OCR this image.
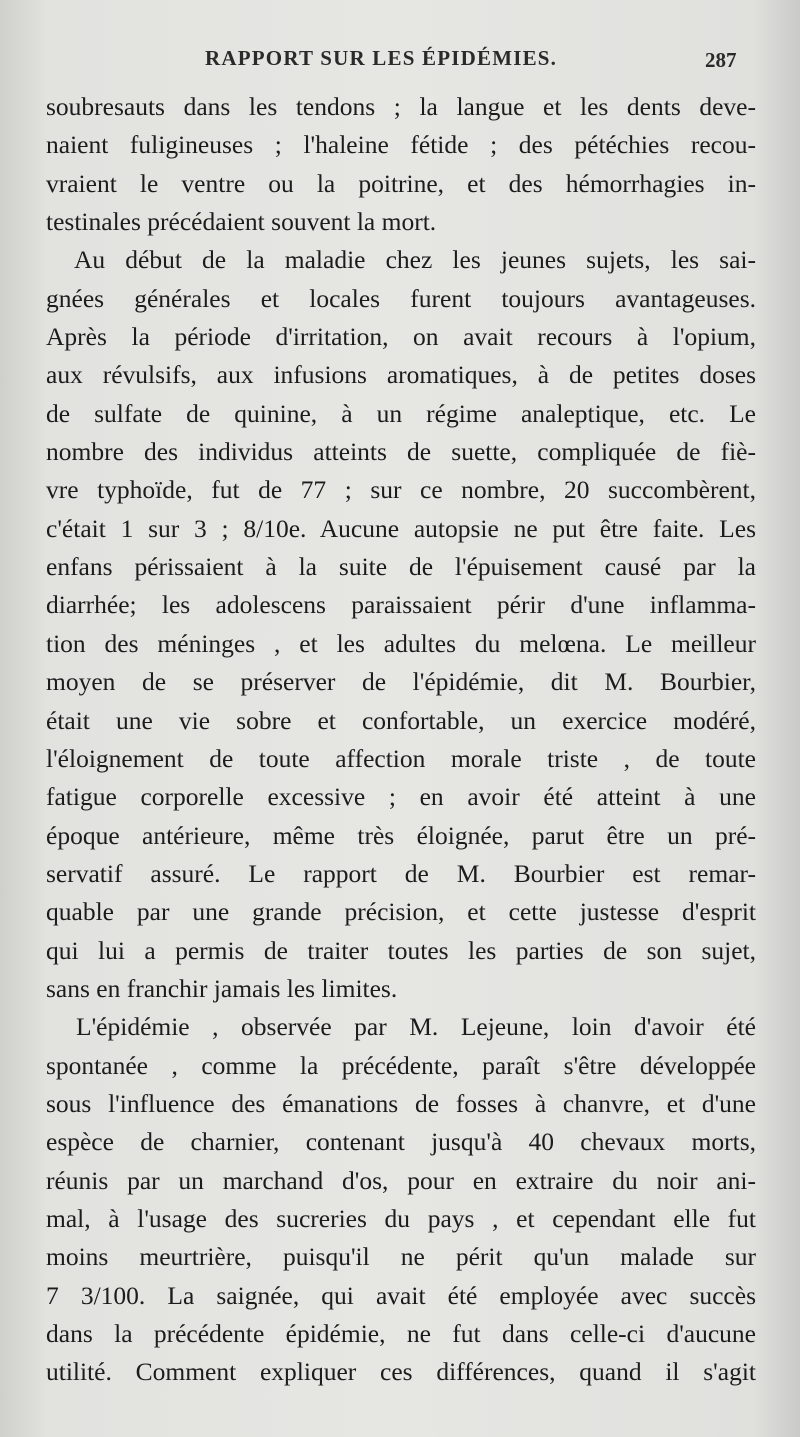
RAPPORT SUR LES ÉPIDÉMIES.	287
soubresauts dans les tendons ; la langue et les dents deve-
naient fuligineuses ; l'haleine fétide ; des pétéchies recou-
vraient le ventre ou la poitrine, et des hémorrhagies in-
testinales précédaient souvent la mort.
Au début de la maladie chez les jeunes sujets, les sai-
gnées générales et locales furent toujours avantageuses.
Après la période d'irritation, on avait recours à l'opium,
aux révulsifs, aux infusions aromatiques, à de petites doses
de sulfate de quinine, à un régime analeptique, etc. Le
nombre des individus atteints de suette, compliquée de fiè-
vre typhoïde, fut de 77 ; sur ce nombre, 20 succombèrent,
c'était 1 sur 3 ; 8/10e. Aucune autopsie ne put être faite. Les
enfans périssaient à la suite de l'épuisement causé par la
diarrhée; les adolescens paraissaient périr d'une inflamma-
tion des méninges , et les adultes du melœna. Le meilleur
moyen de se préserver de l'épidémie, dit M. Bourbier,
était une vie sobre et confortable, un exercice modéré,
l'éloignement de toute affection morale triste , de toute
fatigue corporelle excessive ; en avoir été atteint à une
époque antérieure, même très éloignée, parut être un pré-
servatif assuré. Le rapport de M. Bourbier est remar-
quable par une grande précision, et cette justesse d'esprit
qui lui a permis de traiter toutes les parties de son sujet,
sans en franchir jamais les limites.
L'épidémie , observée par M. Lejeune, loin d'avoir été
spontanée , comme la précédente, paraît s'être développée
sous l'influence des émanations de fosses à chanvre, et d'une
espèce de charnier, contenant jusqu'à 40 chevaux morts,
réunis par un marchand d'os, pour en extraire du noir ani-
mal, à l'usage des sucreries du pays , et cependant elle fut
moins meurtrière, puisqu'il ne périt qu'un malade sur
7 3/100. La saignée, qui avait été employée avec succès
dans la précédente épidémie, ne fut dans celle-ci d'aucune
utilité. Comment expliquer ces différences, quand il s'agit
